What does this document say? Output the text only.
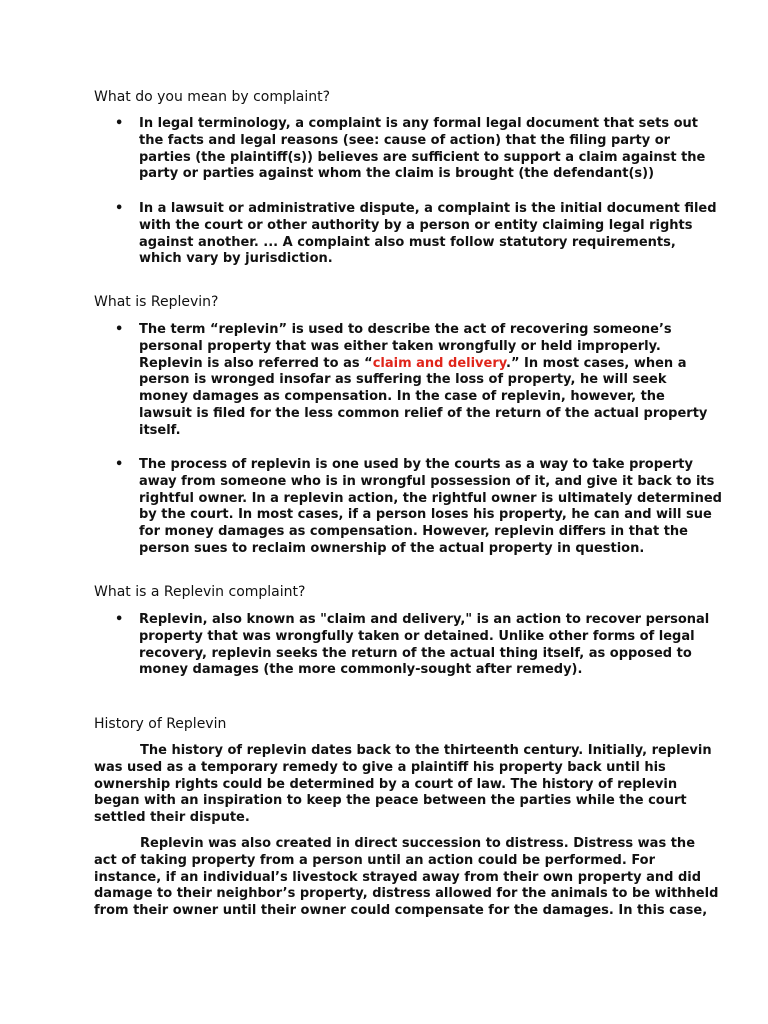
What do you mean by complaint?
•	In legal terminology, a complaint is any formal legal document that sets out
the facts and legal reasons (see: cause of action) that the filing party or
parties (the plaintiff(s)) believes are sufficient to support a claim against the
party or parties against whom the claim is brought (the defendant(s))
•	In a lawsuit or administrative dispute, a complaint is the initial document filed
with the court or other authority by a person or entity claiming legal rights
against another. ... A complaint also must follow statutory requirements,
which vary by jurisdiction.
What is Replevin?
•	The term “replevin” is used to describe the act of recovering someone’s
personal property that was either taken wrongfully or held improperly.
Replevin is also referred to as “claim and delivery.” In most cases, when a
person is wronged insofar as suffering the loss of property, he will seek
money damages as compensation. In the case of replevin, however, the
lawsuit is filed for the less common relief of the return of the actual property
itself.
•	The process of replevin is one used by the courts as a way to take property
away from someone who is in wrongful possession of it, and give it back to its
rightful owner. In a replevin action, the rightful owner is ultimately determined
by the court. In most cases, if a person loses his property, he can and will sue
for money damages as compensation. However, replevin differs in that the
person sues to reclaim ownership of the actual property in question.
What is a Replevin complaint?
•	Replevin, also known as "claim and delivery," is an action to recover personal
property that was wrongfully taken or detained. Unlike other forms of legal
recovery, replevin seeks the return of the actual thing itself, as opposed to
money damages (the more commonly-sought after remedy).
History of Replevin
The history of replevin dates back to the thirteenth century. Initially, replevin
was used as a temporary remedy to give a plaintiff his property back until his
ownership rights could be determined by a court of law. The history of replevin
began with an inspiration to keep the peace between the parties while the court
settled their dispute.
Replevin was also created in direct succession to distress. Distress was the
act of taking property from a person until an action could be performed. For
instance, if an individual’s livestock strayed away from their own property and did
damage to their neighbor’s property, distress allowed for the animals to be withheld
from their owner until their owner could compensate for the damages. In this case,
